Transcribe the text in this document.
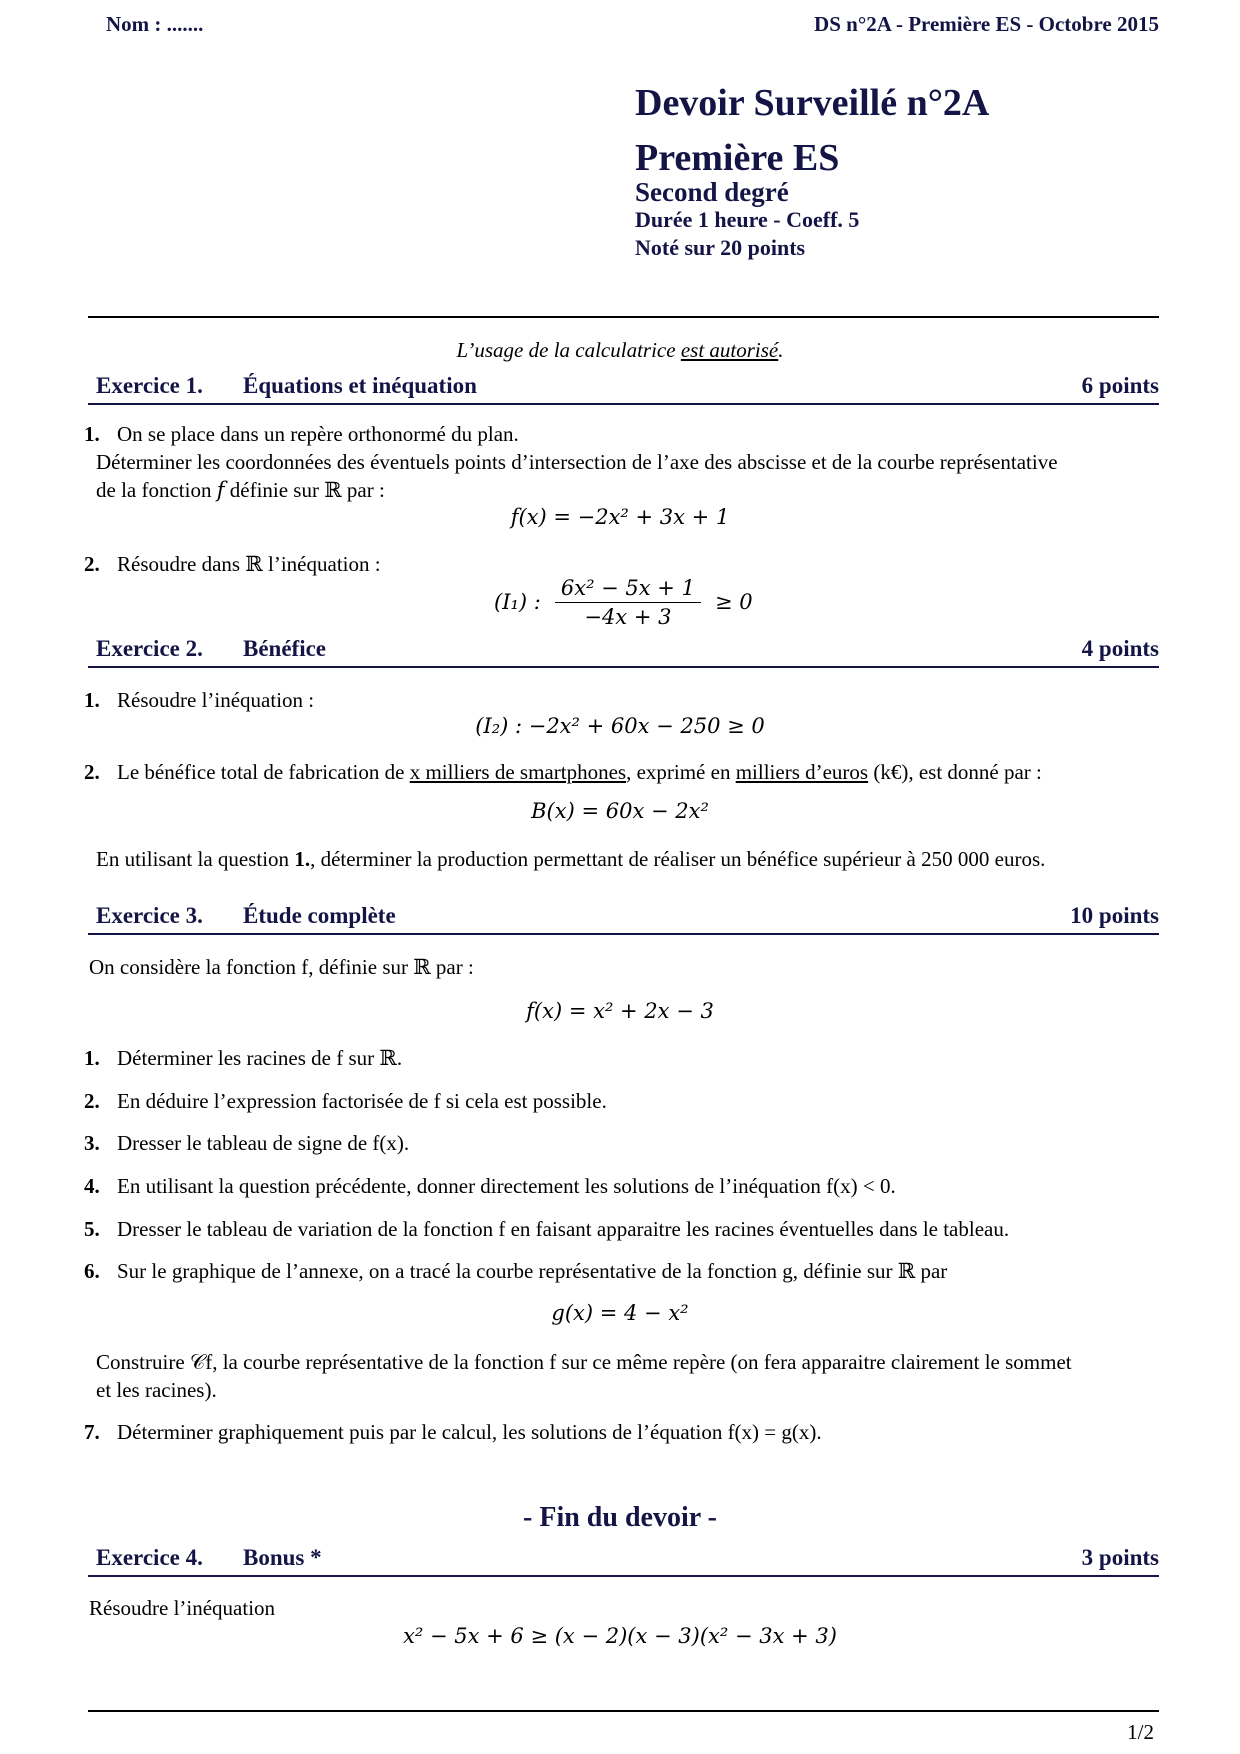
Nom : .......	DS n°2A - Première ES - Octobre 2015
Devoir Surveillé n°2A
Première ES
Second degré
Durée 1 heure - Coeff. 5
Noté sur 20 points
L’usage de la calculatrice est autorisé.
Exercice 1. Équations et inéquation	6 points
1. On se place dans un repère orthonormé du plan.
Déterminer les coordonnées des éventuels points d’intersection de l’axe des abscisse et de la courbe représentative
de la fonction f définie sur ℝ par :
f(x) = −2x² + 3x + 1
2. Résoudre dans ℝ l’inéquation :
(I₁) : $\frac{\text{6x² − 5x + 1}}{-4x + 3} \ge 0$
Exercice 2. Bénéfice	4 points
1. Résoudre l’inéquation :
(I₂) : −2x² + 60x − 250 ≥ 0
2. Le bénéfice total de fabrication de x milliers de smartphones, exprimé en milliers d’euros (k€), est donné par :
B(x) = 60x − 2x²
En utilisant la question 1., déterminer la production permettant de réaliser un bénéfice supérieur à 250 000 euros.
Exercice 3. Étude complète	10 points
On considère la fonction f, définie sur ℝ par :
f(x) = x² + 2x − 3
1. Déterminer les racines de f sur ℝ.
2. En déduire l’expression factorisée de f si cela est possible.
3. Dresser le tableau de signe de f(x).
4. En utilisant la question précédente, donner directement les solutions de l’inéquation f(x) < 0.
5. Dresser le tableau de variation de la fonction f en faisant apparaitre les racines éventuelles dans le tableau.
6. Sur le graphique de l’annexe, on a tracé la courbe représentative de la fonction g, définie sur ℝ par
g(x) = 4 − x²
Construire 𝒞f, la courbe représentative de la fonction f sur ce même repère (on fera apparaitre clairement le sommet
et les racines).
7. Déterminer graphiquement puis par le calcul, les solutions de l’équation f(x) = g(x).
- Fin du devoir -
Exercice 4. Bonus *	3 points
Résoudre l’inéquation
x² − 5x + 6 ≥ (x − 2)(x − 3)(x² − 3x + 3)
1/2
